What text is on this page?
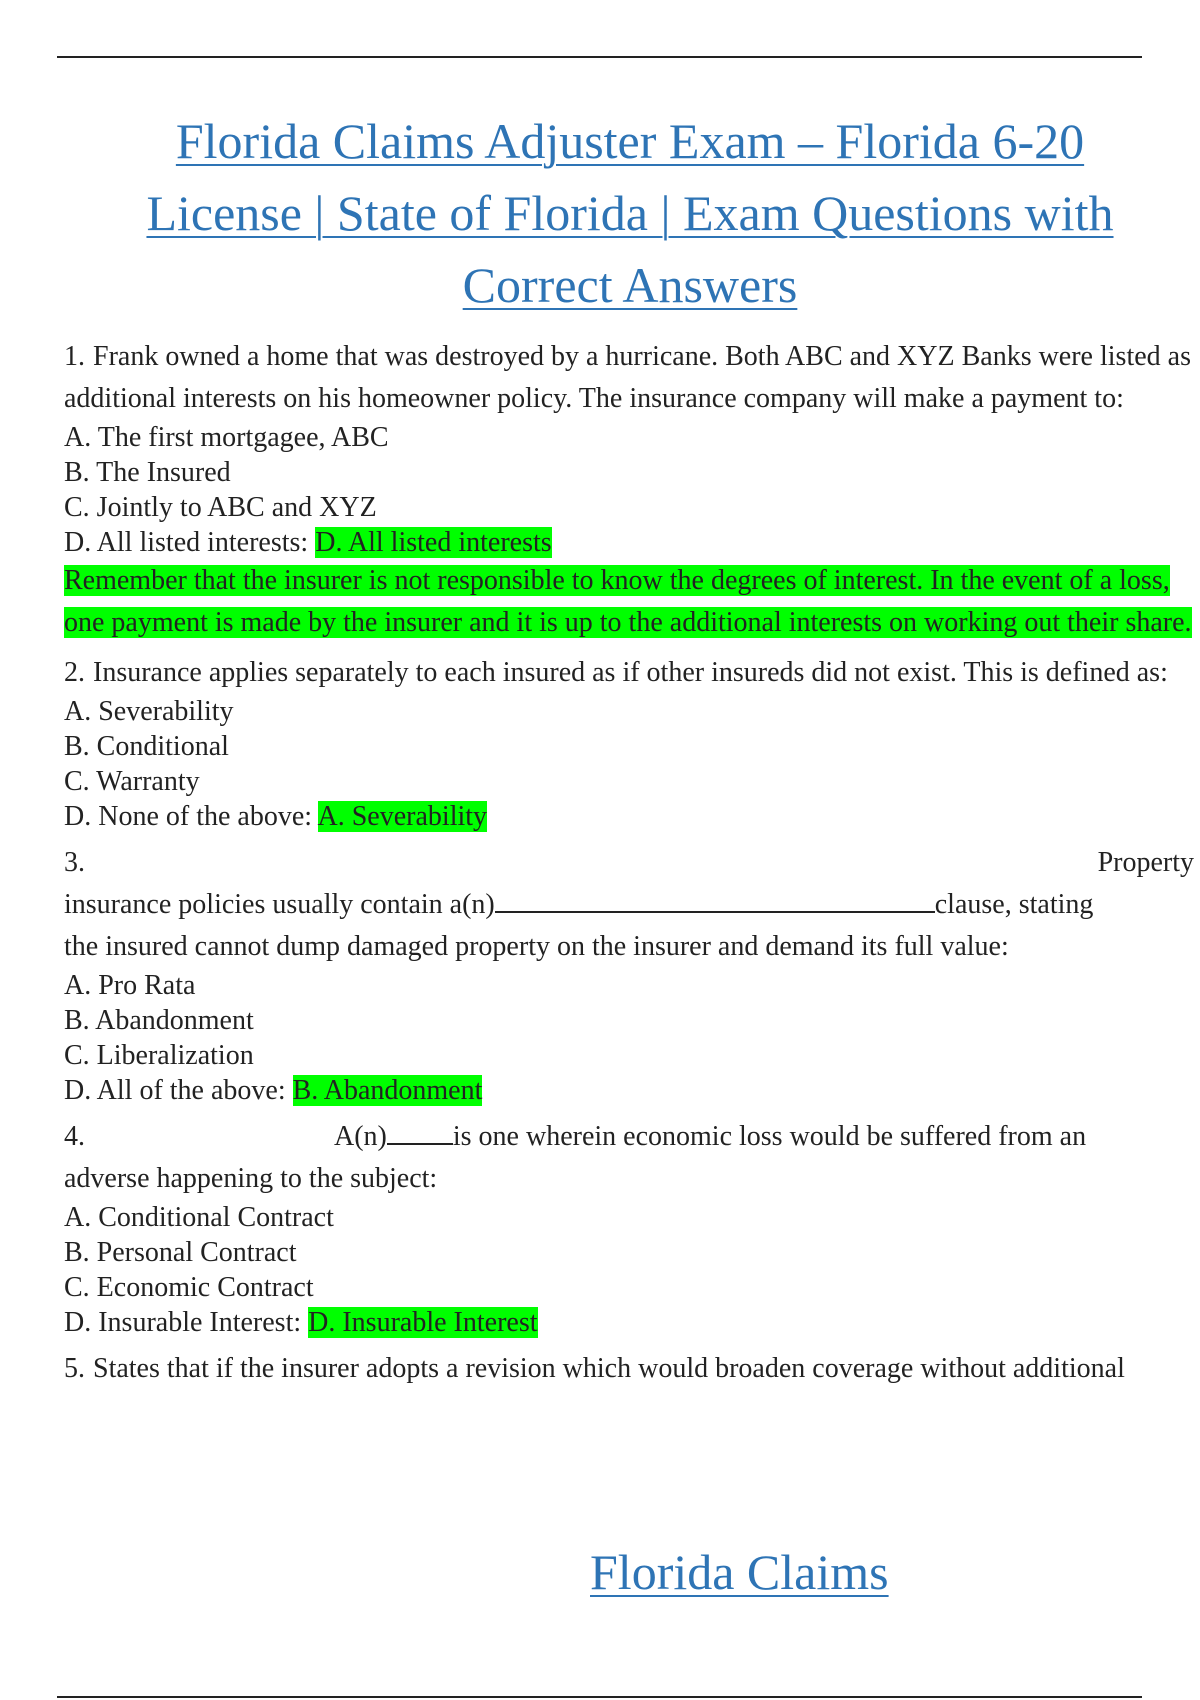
Florida Claims Adjuster Exam – Florida 6-20
License | State of Florida | Exam Questions with
Correct Answers

1. Frank owned a home that was destroyed by a hurricane. Both ABC and XYZ Banks were listed as additional interests on his homeowner policy. The insurance company will make a payment to:

A. The first mortgagee, ABC

B. The Insured

C. Jointly to ABC and XYZ

D. All listed interests: D. All listed interests

Remember that the insurer is not responsible to know the degrees of interest. In the event of a loss, one payment is made by the insurer and it is up to the additional interests on working out their share.

2. Insurance applies separately to each insured as if other insureds did not exist. This is defined as:

A. Severability

B. Conditional

C. Warranty

D. None of the above: A. Severability

3.	Property

insurance policies usually contain a(n)	clause, stating

the insured cannot dump damaged property on the insurer and demand its full value:

A. Pro Rata

B. Abandonment

C. Liberalization

D. All of the above: B. Abandonment

4.	A(n) is one wherein economic loss would be suffered from an

adverse happening to the subject:

A. Conditional Contract

B. Personal Contract

C. Economic Contract

D. Insurable Interest: D. Insurable Interest

5. States that if the insurer adopts a revision which would broaden coverage without additional

Florida Claims
